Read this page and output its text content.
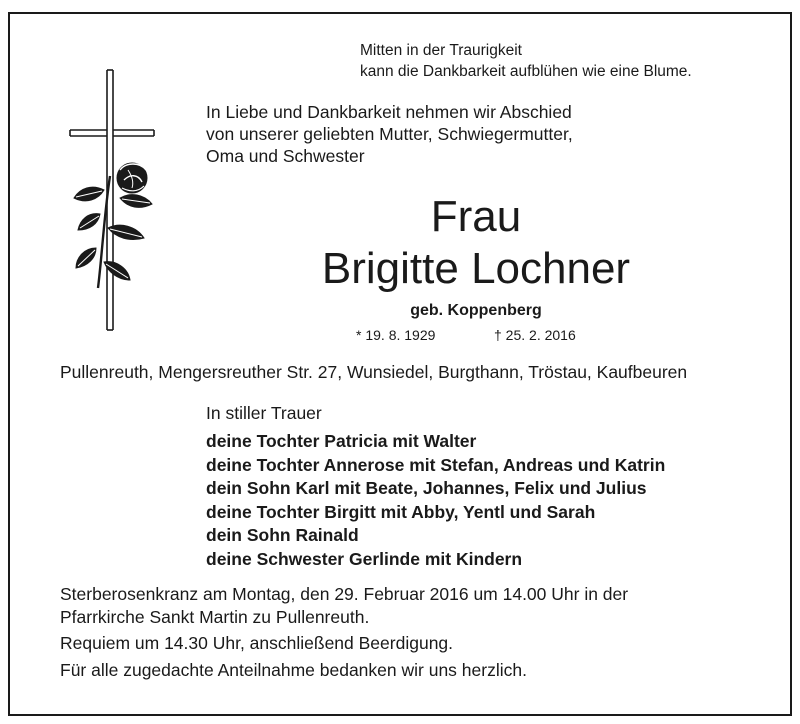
Mitten in der Traurigkeit
kann die Dankbarkeit aufblühen wie eine Blume.
In Liebe und Dankbarkeit nehmen wir Abschied
von unserer geliebten Mutter, Schwiegermutter,
Oma und Schwester
Frau
Brigitte Lochner
geb. Koppenberg
* 19. 8. 1929	† 25. 2. 2016
Pullenreuth, Mengersreuther Str. 27, Wunsiedel, Burgthann, Tröstau, Kaufbeuren
In stiller Trauer
deine Tochter Patricia mit Walter
deine Tochter Annerose mit Stefan, Andreas und Katrin
dein Sohn Karl mit Beate, Johannes, Felix und Julius
deine Tochter Birgitt mit Abby, Yentl und Sarah
dein Sohn Rainald
deine Schwester Gerlinde mit Kindern
Sterberosenkranz am Montag, den 29. Februar 2016 um 14.00 Uhr in der
Pfarrkirche Sankt Martin zu Pullenreuth.
Requiem um 14.30 Uhr, anschließend Beerdigung.
Für alle zugedachte Anteilnahme bedanken wir uns herzlich.
